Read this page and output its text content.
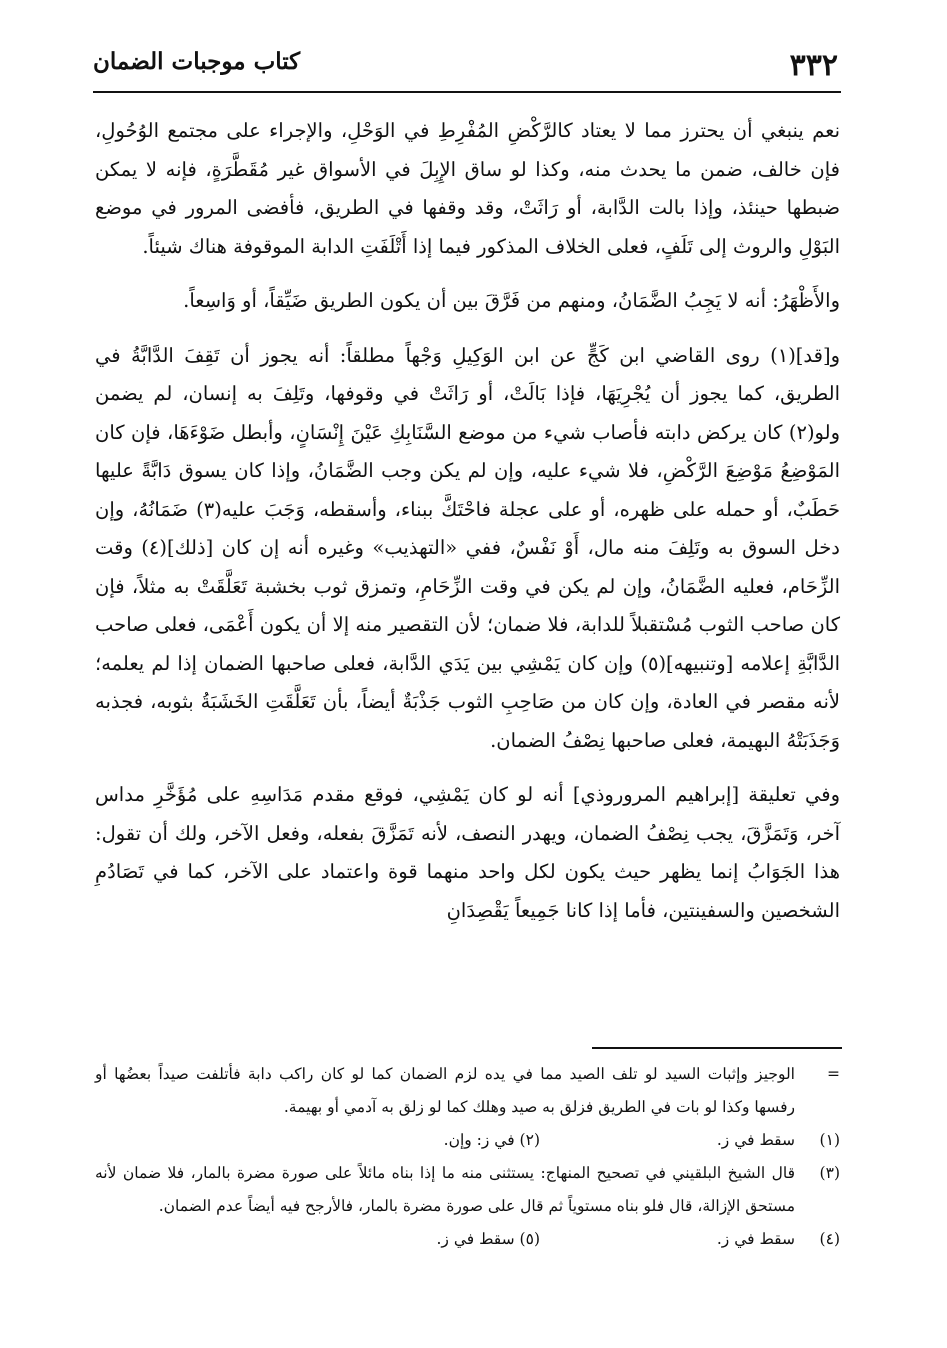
٣٣٢
كتاب موجبات الضمان

نعم ينبغي أن يحترز مما لا يعتاد كالرَّكْضِ المُفْرِطِ في الوَحْلِ، والإجراء على مجتمع الوُحُولِ، فإن خالف، ضمن ما يحدث منه، وكذا لو ساق الإِبِلَ في الأسواق غير مُقَطَّرَةٍ، فإنه لا يمكن ضبطها حينئذ، وإذا بالت الدَّابة، أو رَاثَتْ، وقد وقفها في الطريق، فأفضى المرور في موضع البَوْلِ والروث إلى تَلَفٍ، فعلى الخلاف المذكور فيما إذا أَتْلَفَتِ الدابة الموقوفة هناك شيئاً.

والأَظْهَرُ: أنه لا يَجِبُ الضَّمَانُ، ومنهم من فَرَّقَ بين أن يكون الطريق ضَيِّقاً، أو وَاسِعاً.

و[قد](١) روى القاضي ابن كَجٍّ عن ابن الوَكِيلِ وَجْهاً مطلقاً: أنه يجوز أن تَقِفَ الدَّابَّةُ في الطريق، كما يجوز أن يُجْرِيَهَا، فإذا بَالَتْ، أو رَاثَتْ في وقوفها، وتَلِفَ به إنسان، لم يضمن ولو(٢) كان يركض دابته فأصاب شيء من موضع السَّنَابِكِ عَيْنَ إِنْسَانٍ، وأبطل ضَوْءَهَا، فإن كان المَوْضِعُ مَوْضِعَ الرَّكْضِ، فلا شيء عليه، وإن لم يكن وجب الضَّمَانُ، وإذا كان يسوق دَابَّةً عليها حَطَبٌ، أو حمله على ظهره، أو على عجلة فاحْتَكَّ ببناء، وأسقطه، وَجَبَ عليه(٣) ضَمَانُهُ، وإن دخل السوق به وتَلِفَ منه مال، أَوْ نَفْسٌ، ففي «التهذيب» وغيره أنه إن كان [ذلك](٤) وقت الزِّحَام، فعليه الضَّمَانُ، وإن لم يكن في وقت الزِّحَامِ، وتمزق ثوب بخشبة تَعَلَّقَتْ به مثلاً، فإن كان صاحب الثوب مُسْتقبلاً للدابة، فلا ضمان؛ لأن التقصير منه إلا أن يكون أَعْمَى، فعلى صاحب الدَّابَّةِ إعلامه [وتنبيهه](٥) وإن كان يَمْشِي بين يَدَي الدَّابة، فعلى صاحبها الضمان إذا لم يعلمه؛ لأنه مقصر في العادة، وإن كان من صَاحِبِ الثوب جَذْبَةٌ أيضاً، بأن تَعَلَّقَتِ الخَشَبَةُ بثوبه، فجذبه وَجَذَبَتْهُ البهيمة، فعلى صاحبها نِصْفُ الضمان.

وفي تعليقة [إبراهيم المروروذي] أنه لو كان يَمْشِي، فوقع مقدم مَدَاسِهِ على مُؤَخَّرِ مداس آخر، وَتَمَزَّقَ، يجب نِصْفُ الضمان، ويهدر النصف، لأنه تَمَزَّقَ بفعله، وفعل الآخر، ولك أن تقول: هذا الجَوَابُ إنما يظهر حيث يكون لكل واحد منهما قوة واعتماد على الآخر، كما في تَصَادُمِ الشخصين والسفينتين، فأما إذا كانا جَمِيعاً يَقْصِدَانِ

=
الوجيز وإثبات السيد لو تلف الصيد مما في يده لزم الضمان كما لو كان راكب دابة فأتلفت صيداً بعضُها أو رفسها وكذا لو بات في الطريق فزلق به صيد وهلك كما لو زلق به آدمي أو بهيمة.
(١)
سقط في ز.
(٢) في ز: وإن.
(٣)
قال الشيخ البلقيني في تصحيح المنهاج: يستثنى منه ما إذا بناه مائلاً على صورة مضرة بالمار، فلا ضمان لأنه مستحق الإزالة، قال فلو بناه مستوياً ثم قال على صورة مضرة بالمار، فالأرجح فيه أيضاً عدم الضمان.
(٤)
سقط في ز.
(٥) سقط في ز.
